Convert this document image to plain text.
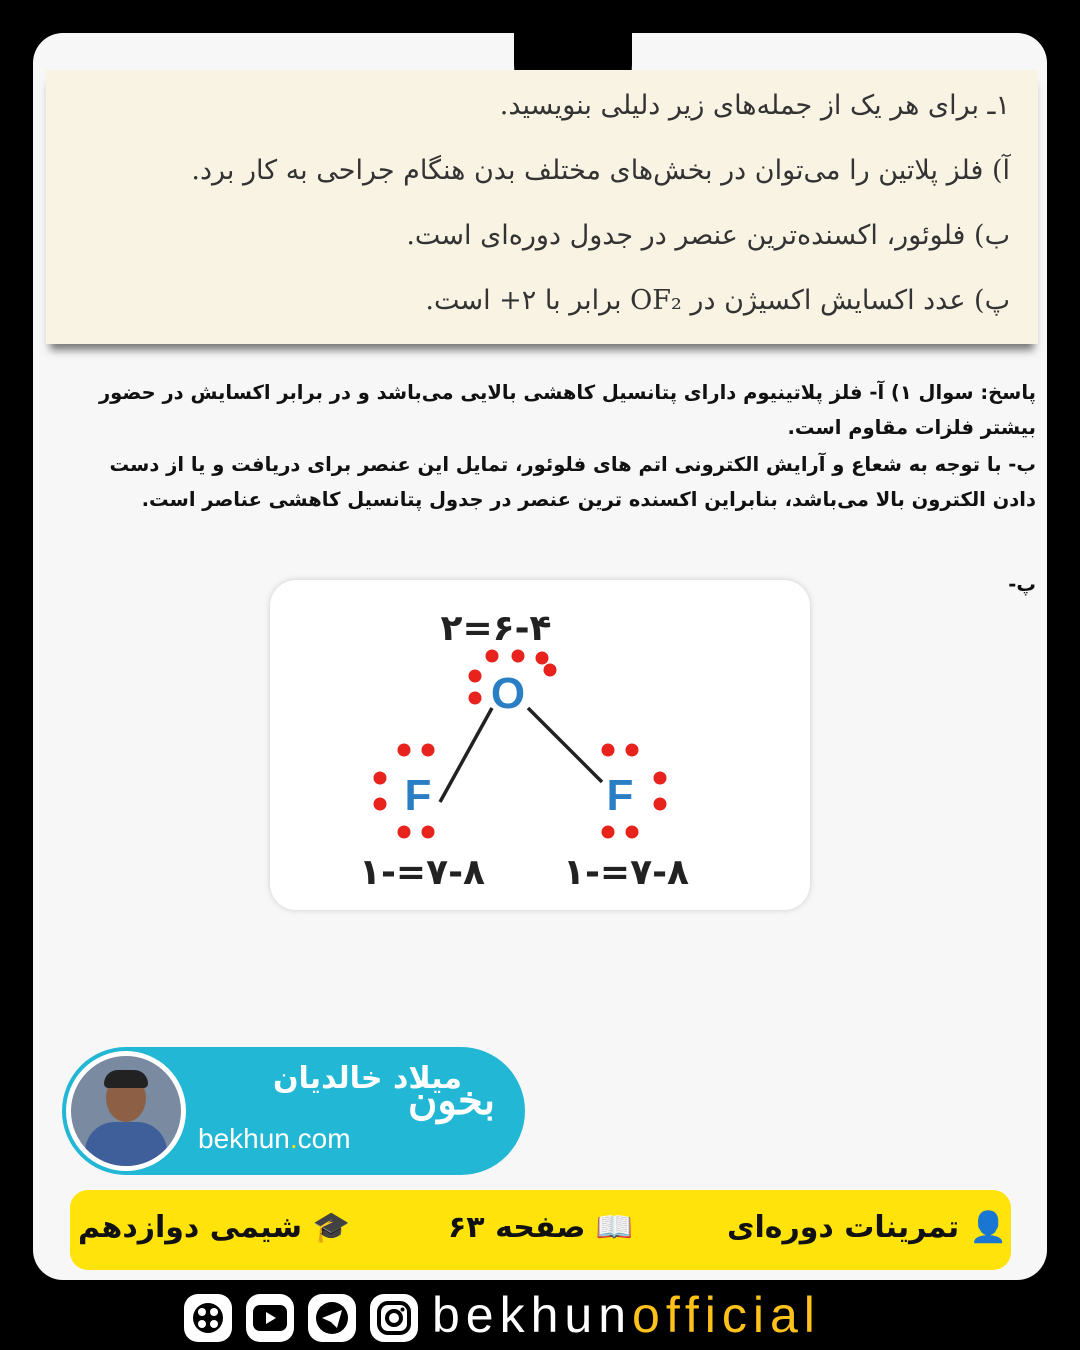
۱ـ برای هر یک از جمله‌های زیر دلیلی بنویسید.
آ) فلز پلاتین را می‌توان در بخش‌های مختلف بدن هنگام جراحی به کار برد.
ب) فلوئور، اکسنده‌ترین عنصر در جدول دوره‌ای است.
پ) عدد اکسایش اکسیژن در OF₂ برابر با ۲+ است.
پاسخ: سوال ۱) آ- فلز پلاتینیوم دارای پتانسیل کاهشی بالایی می‌باشد و در برابر اکسایش در حضور
بیشتر فلزات مقاوم است.
ب- با توجه به شعاع و آرایش الکترونی اتم های فلوئور، تمایل این عنصر برای دریافت و یا از دست
دادن الکترون بالا می‌باشد، بنابراین اکسنده ترین عنصر در جدول پتانسیل کاهشی عناصر است.
پ-
۶-۴=۲
O
F	F
۷-۸=-۱ ۷-۸=-۱
میلاد خالدیان
bekhun.com
بخون
👤 تمرینات دوره‌ای
📖 صفحه ۶۳
🎓 شیمی دوازدهم
bekhunofficial
